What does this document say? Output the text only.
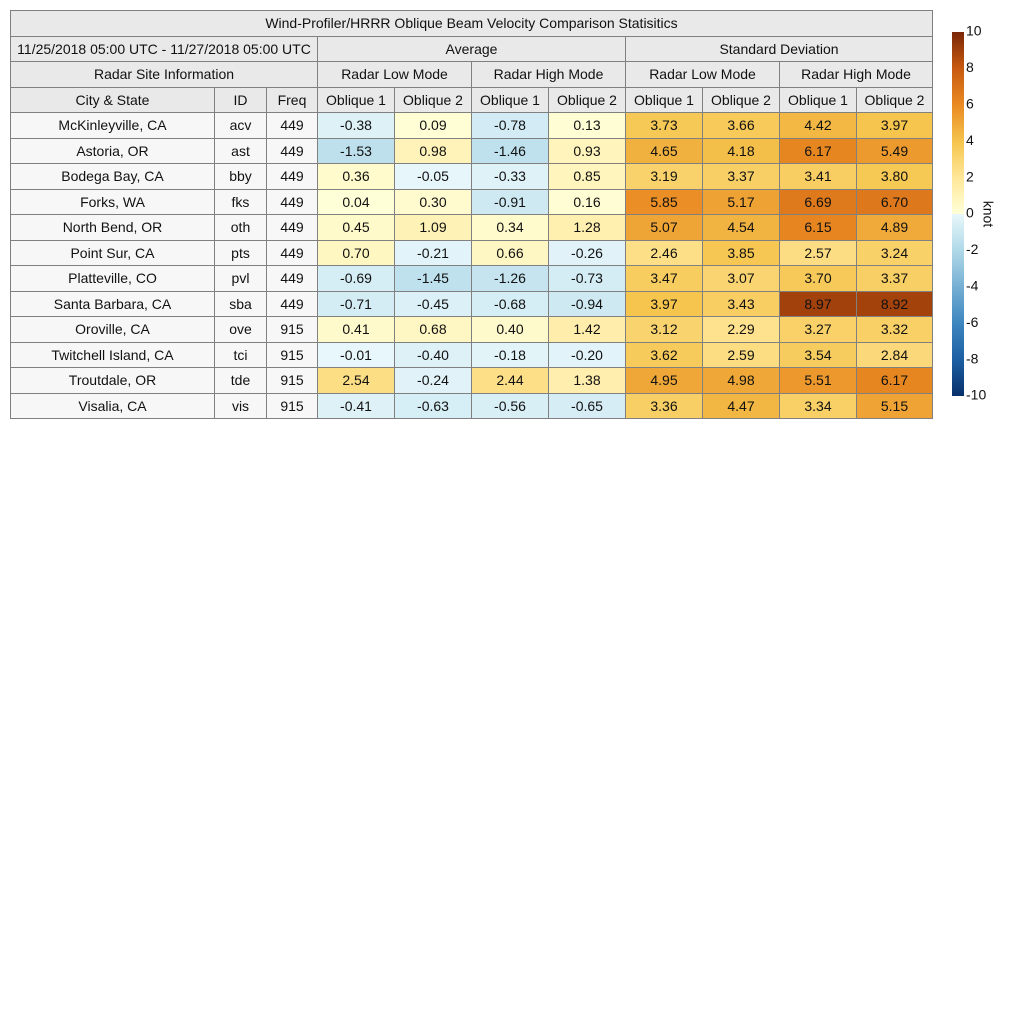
Wind-Profiler/HRRR Oblique Beam Velocity Comparison Statisitics										
11/25/2018 05:00 UTC - 11/27/2018 05:00 UTC			Average				Standard Deviation			
Radar Site Information			Radar Low Mode		Radar High Mode		Radar Low Mode		Radar High Mode	
City & State	ID	Freq	Oblique 1	Oblique 2	Oblique 1	Oblique 2	Oblique 1	Oblique 2	Oblique 1	Oblique 2
McKinleyville, CA	acv	449	-0.38	0.09	-0.78	0.13	3.73	3.66	4.42	3.97
Astoria, OR	ast	449	-1.53	0.98	-1.46	0.93	4.65	4.18	6.17	5.49
Bodega Bay, CA	bby	449	0.36	-0.05	-0.33	0.85	3.19	3.37	3.41	3.80
Forks, WA	fks	449	0.04	0.30	-0.91	0.16	5.85	5.17	6.69	6.70
North Bend, OR	oth	449	0.45	1.09	0.34	1.28	5.07	4.54	6.15	4.89
Point Sur, CA	pts	449	0.70	-0.21	0.66	-0.26	2.46	3.85	2.57	3.24
Platteville, CO	pvl	449	-0.69	-1.45	-1.26	-0.73	3.47	3.07	3.70	3.37
Santa Barbara, CA	sba	449	-0.71	-0.45	-0.68	-0.94	3.97	3.43	8.97	8.92
Oroville, CA	ove	915	0.41	0.68	0.40	1.42	3.12	2.29	3.27	3.32
Twitchell Island, CA	tci	915	-0.01	-0.40	-0.18	-0.20	3.62	2.59	3.54	2.84
Troutdale, OR	tde	915	2.54	-0.24	2.44	1.38	4.95	4.98	5.51	6.17
Visalia, CA	vis	915	-0.41	-0.63	-0.56	-0.65	3.36	4.47	3.34	5.15
10
8
6
4
2
0
-2
-4
-6
-8
-10
knot
